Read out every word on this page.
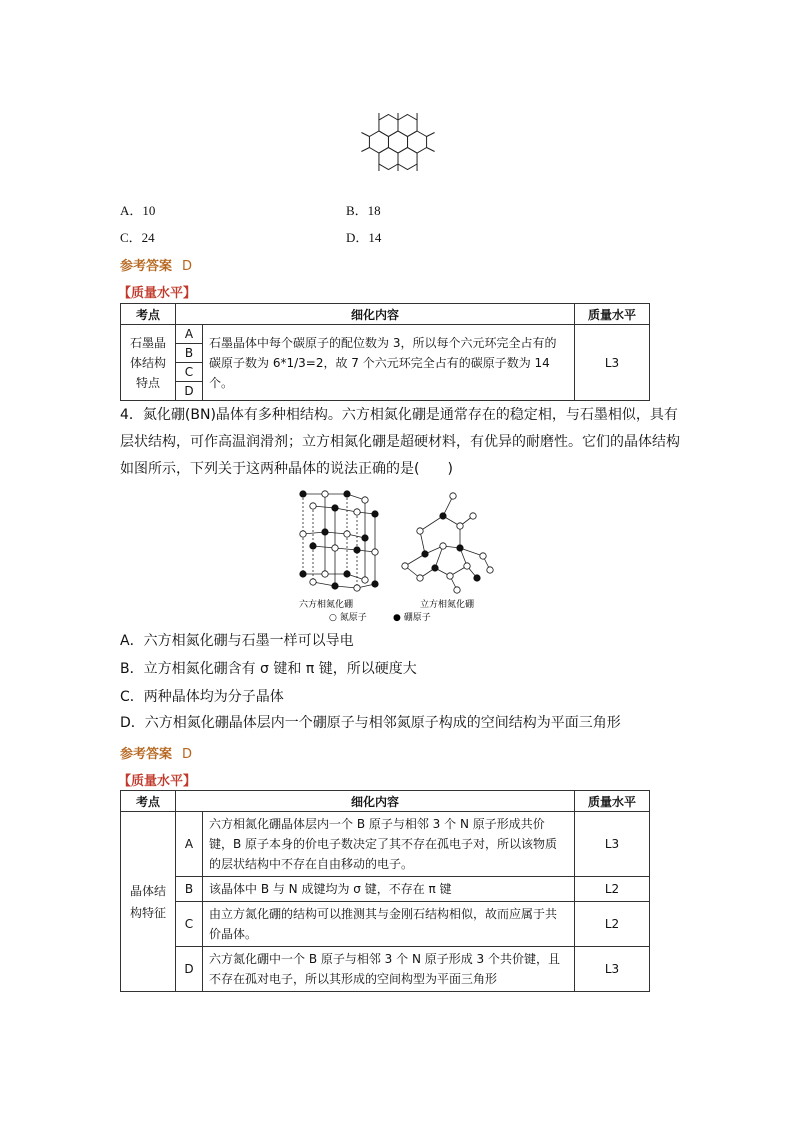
A．10	B．18
C．24	D．14
参考答案 D
【质量水平】
考点	细化内容		质量水平
石墨晶体结构特点	A	石墨晶体中每个碳原子的配位数为 3，所以每个六元环完全占有的碳原子数为 6*1/3=2，故 7 个六元环完全占有的碳原子数为 14 个。	L3
	B		
	C		
	D		
4．氮化硼(BN)晶体有多种相结构。六方相氮化硼是通常存在的稳定相，与石墨相似，具有层状结构，可作高温润滑剂；立方相氮化硼是超硬材料，有优异的耐磨性。它们的晶体结构如图所示，下列关于这两种晶体的说法正确的是(　　)
六方相氮化硼	立方相氮化硼
○ 氮原子	● 硼原子
A．六方相氮化硼与石墨一样可以导电
B．立方相氮化硼含有 σ 键和 π 键，所以硬度大
C．两种晶体均为分子晶体
D．六方相氮化硼晶体层内一个硼原子与相邻氮原子构成的空间结构为平面三角形
参考答案 D
【质量水平】
考点	细化内容		质量水平
晶体结构特征	A	六方相氮化硼晶体层内一个 B 原子与相邻 3 个 N 原子形成共价键，B 原子本身的价电子数决定了其不存在孤电子对，所以该物质的层状结构中不存在自由移动的电子。	L3
	B	该晶体中 B 与 N 成键均为 σ 键，不存在 π 键	L2
	C	由立方氮化硼的结构可以推测其与金刚石结构相似，故而应属于共价晶体。	L2
	D	六方氮化硼中一个 B 原子与相邻 3 个 N 原子形成 3 个共价键，且不存在孤对电子，所以其形成的空间构型为平面三角形	L3
